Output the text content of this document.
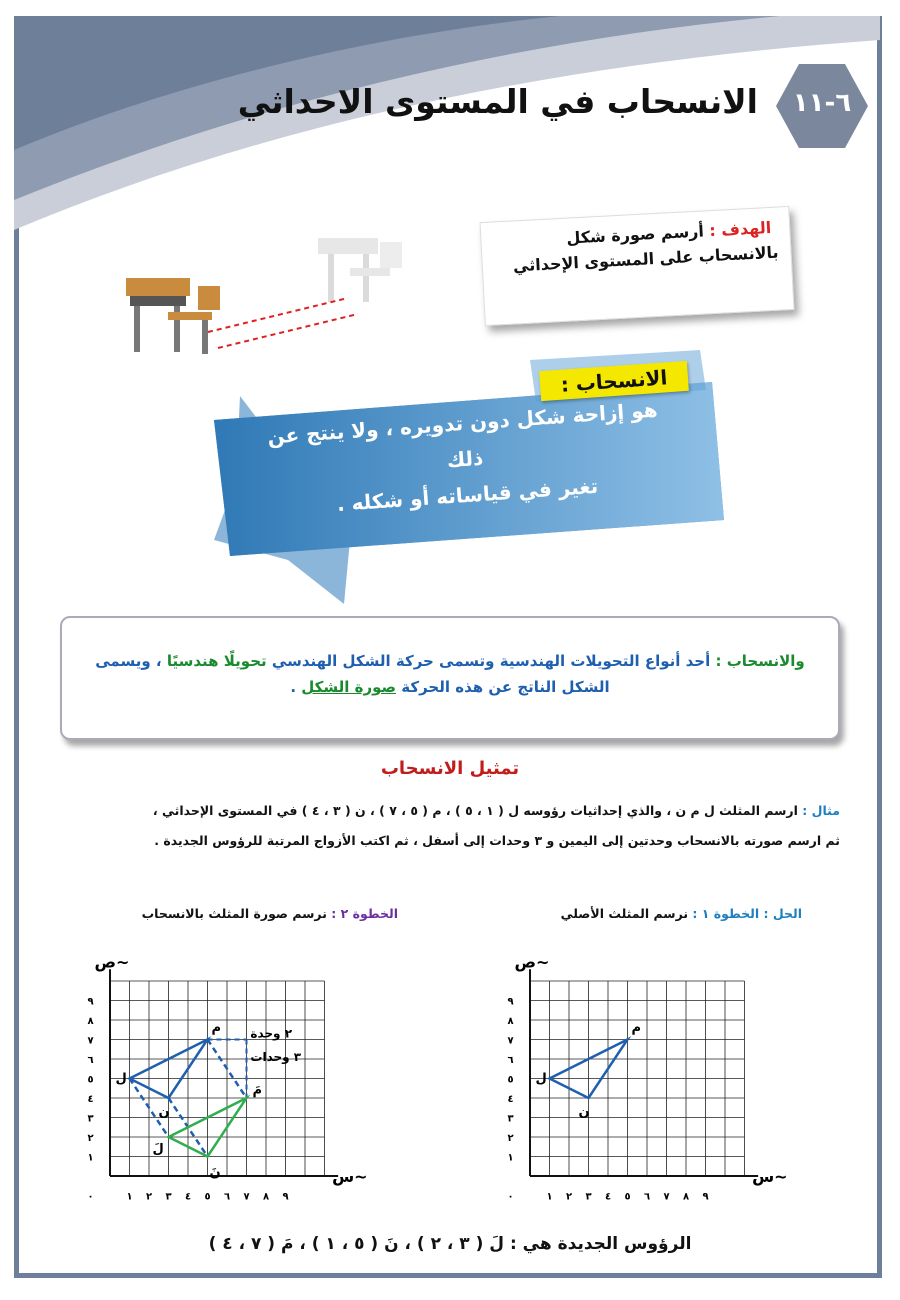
٦-١١
الانسحاب في المستوى الاحداثي
الهدف : أرسم صورة شكل
بالانسحاب على المستوى الإحداثي
الانسحاب :
هو إزاحة شكل دون تدويره ، ولا ينتج عن ذلك
تغير في قياساته أو شكله .
والانسحاب : أحد أنواع التحويلات الهندسية وتسمى حركة الشكل الهندسي تحويلًا هندسيًا ، ويسمى الشكل الناتج عن هذه الحركة صورة الشكل .
تمثيل الانسحاب
مثال : ارسم المثلث ل م ن ، والذي إحداثيات رؤوسه ل ( ١ ، ٥ ) ، م ( ٥ ، ٧ ) ، ن ( ٣ ، ٤ ) في المستوى الإحداثي ،
ثم ارسم صورته بالانسحاب وحدتين إلى اليمين و ٣ وحدات إلى أسفل ، ثم اكتب الأزواج المرتبة للرؤوس الجديدة .
الحل : الخطوة ١ : نرسم المثلث الأصلي
الخطوة ٢ : نرسم صورة المثلث بالانسحاب
س~
ص~
٠	١
١
٢
٢
٣
٣
٤
٤
٥
٥
٦
٦
٧
٧
٨
٨
٩
٩
ل
م
ن
لَ
مَ
نَ
٢ وحدة
٣ وحدات
س~
ص~
٠	١
١
٢
٢
٣
٣
٤
٤
٥
٥
٦
٦
٧
٧
٨
٨
٩
٩
ل
م
ن
الرؤوس الجديدة هي : لَ ( ٣ ، ٢ ) ، نَ ( ٥ ، ١ ) ، مَ ( ٧ ، ٤ )
